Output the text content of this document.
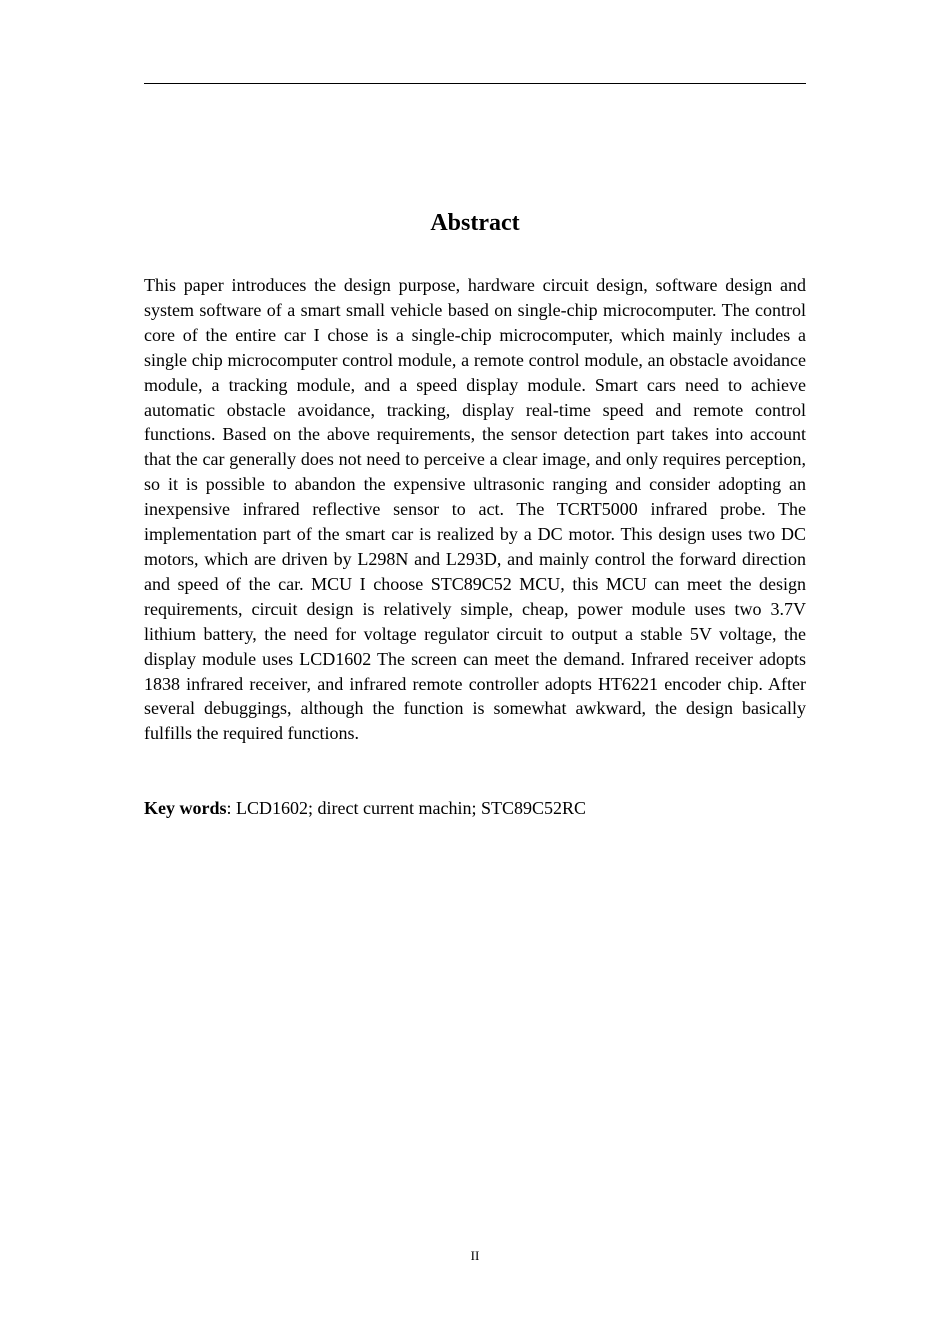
Abstract

This paper introduces the design purpose, hardware circuit design, software design and system software of a smart small vehicle based on single-chip microcomputer. The control core of the entire car I chose is a single-chip microcomputer, which mainly includes a single chip microcomputer control module, a remote control module, an obstacle avoidance module, a tracking module, and a speed display module. Smart cars need to achieve automatic obstacle avoidance, tracking, display real-time speed and remote control functions. Based on the above requirements, the sensor detection part takes into account that the car generally does not need to perceive a clear image, and only requires perception, so it is possible to abandon the expensive ultrasonic ranging and consider adopting an inexpensive infrared reflective sensor to act. The TCRT5000 infrared probe. The implementation part of the smart car is realized by a DC motor. This design uses two DC motors, which are driven by L298N and L293D, and mainly control the forward direction and speed of the car. MCU I choose STC89C52 MCU, this MCU can meet the design requirements, circuit design is relatively simple, cheap, power module uses two 3.7V lithium battery, the need for voltage regulator circuit to output a stable 5V voltage, the display module uses LCD1602 The screen can meet the demand. Infrared receiver adopts 1838 infrared receiver, and infrared remote controller adopts HT6221 encoder chip. After several debuggings, although the function is somewhat awkward, the design basically fulfills the required functions.

Key words: LCD1602; direct current machin; STC89C52RC

II
